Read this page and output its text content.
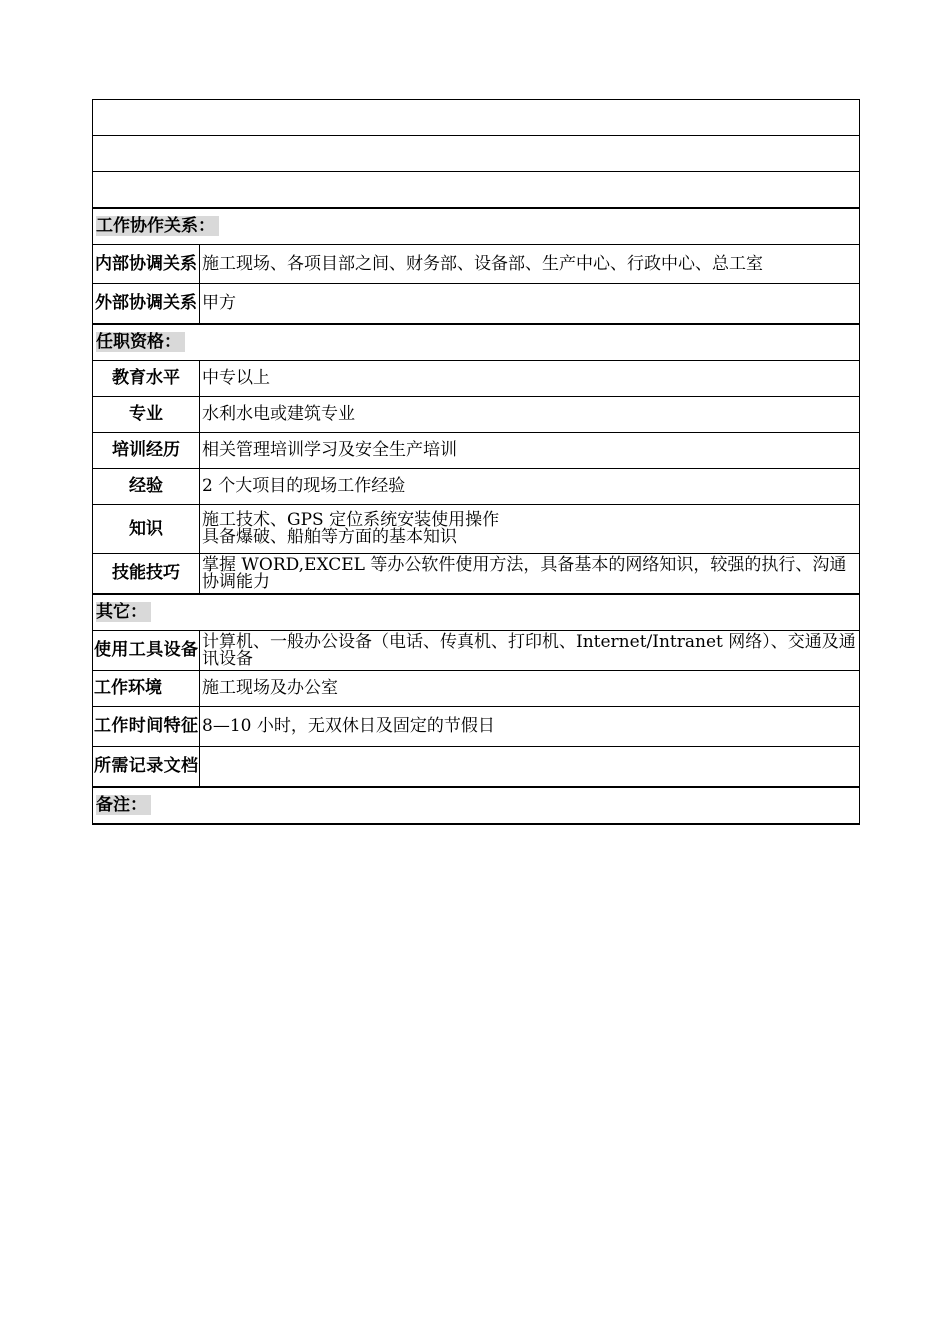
工作协作关系：	
内部协调关系	施工现场、各项目部之间、财务部、设备部、生产中心、行政中心、总工室
外部协调关系	甲方
任职资格：	
教育水平	中专以上
专业	水利水电或建筑专业
培训经历	相关管理培训学习及安全生产培训
经验	2 个大项目的现场工作经验
知识	施工技术、GPS 定位系统安装使用操作
具备爆破、船舶等方面的基本知识

技能技巧	掌握 WORD,EXCEL 等办公软件使用方法，具备基本的网络知识，较强的执行、沟通协调能力
其它：	
使用工具设备	计算机、一般办公设备（电话、传真机、打印机、Internet/Intranet 网络）、交通及通讯设备
工作环境	施工现场及办公室
工作时间特征	8—10 小时，无双休日及固定的节假日
所需记录文档	
备注：	
